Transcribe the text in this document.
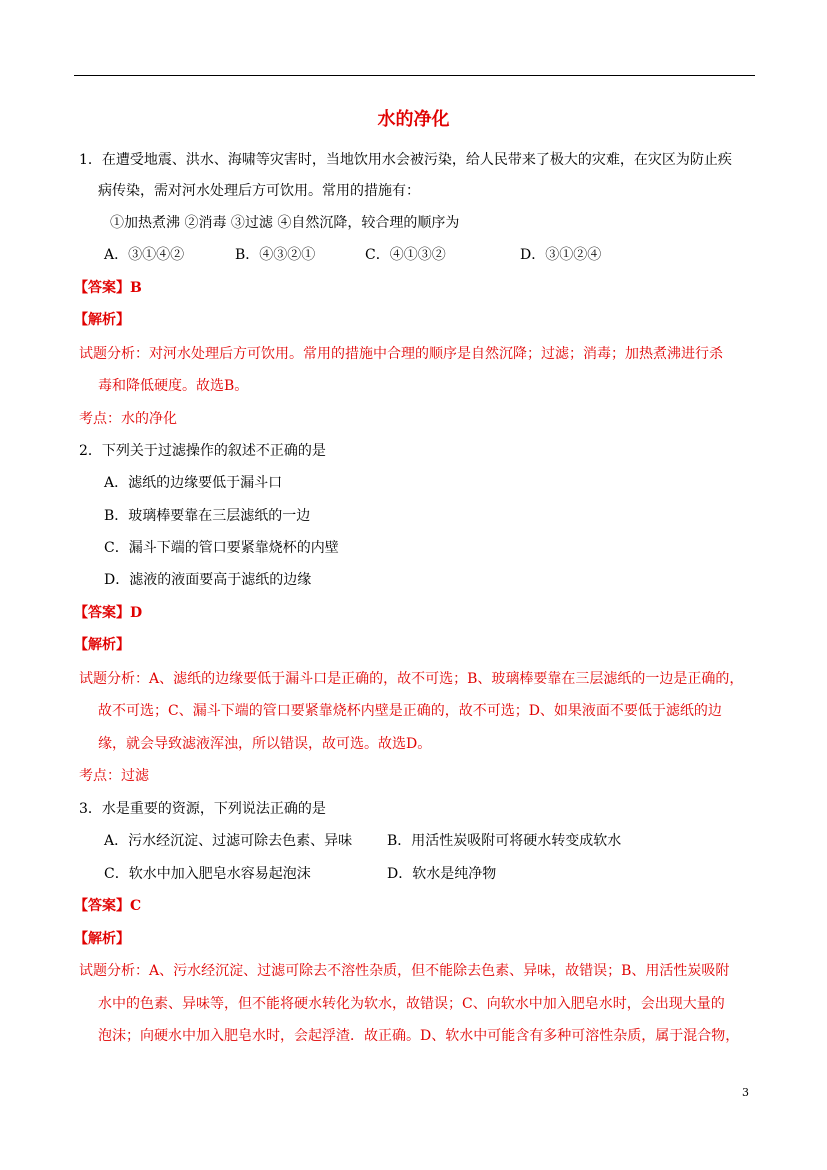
水的净化
1．在遭受地震、洪水、海啸等灾害时，当地饮用水会被污染，给人民带来了极大的灾难，在灾区为防止疾
病传染，需对河水处理后方可饮用。常用的措施有：
①加热煮沸 ②消毒 ③过滤 ④自然沉降，较合理的顺序为
A．③①④②	B．④③②①	C．④①③②	D．③①②④
【答案】B
【解析】
试题分析：对河水处理后方可饮用。常用的措施中合理的顺序是自然沉降；过滤；消毒；加热煮沸进行杀
毒和降低硬度。故选B。
考点：水的净化
2．下列关于过滤操作的叙述不正确的是
A．滤纸的边缘要低于漏斗口
B．玻璃棒要靠在三层滤纸的一边
C．漏斗下端的管口要紧靠烧杯的内壁
D．滤液的液面要高于滤纸的边缘
【答案】D
【解析】
试题分析：A、滤纸的边缘要低于漏斗口是正确的，故不可选；B、玻璃棒要靠在三层滤纸的一边是正确的，
故不可选；C、漏斗下端的管口要紧靠烧杯内壁是正确的，故不可选；D、如果液面不要低于滤纸的边
缘，就会导致滤液浑浊，所以错误，故可选。故选D。
考点：过滤
3．水是重要的资源，下列说法正确的是
A．污水经沉淀、过滤可除去色素、异味 B．用活性炭吸附可将硬水转变成软水
C．软水中加入肥皂水容易起泡沫	D．软水是纯净物
【答案】C
【解析】
试题分析：A、污水经沉淀、过滤可除去不溶性杂质，但不能除去色素、异味，故错误；B、用活性炭吸附
水中的色素、异味等，但不能将硬水转化为软水，故错误；C、向软水中加入肥皂水时，会出现大量的
泡沫；向硬水中加入肥皂水时，会起浮渣．故正确。D、软水中可能含有多种可溶性杂质，属于混合物，
3
